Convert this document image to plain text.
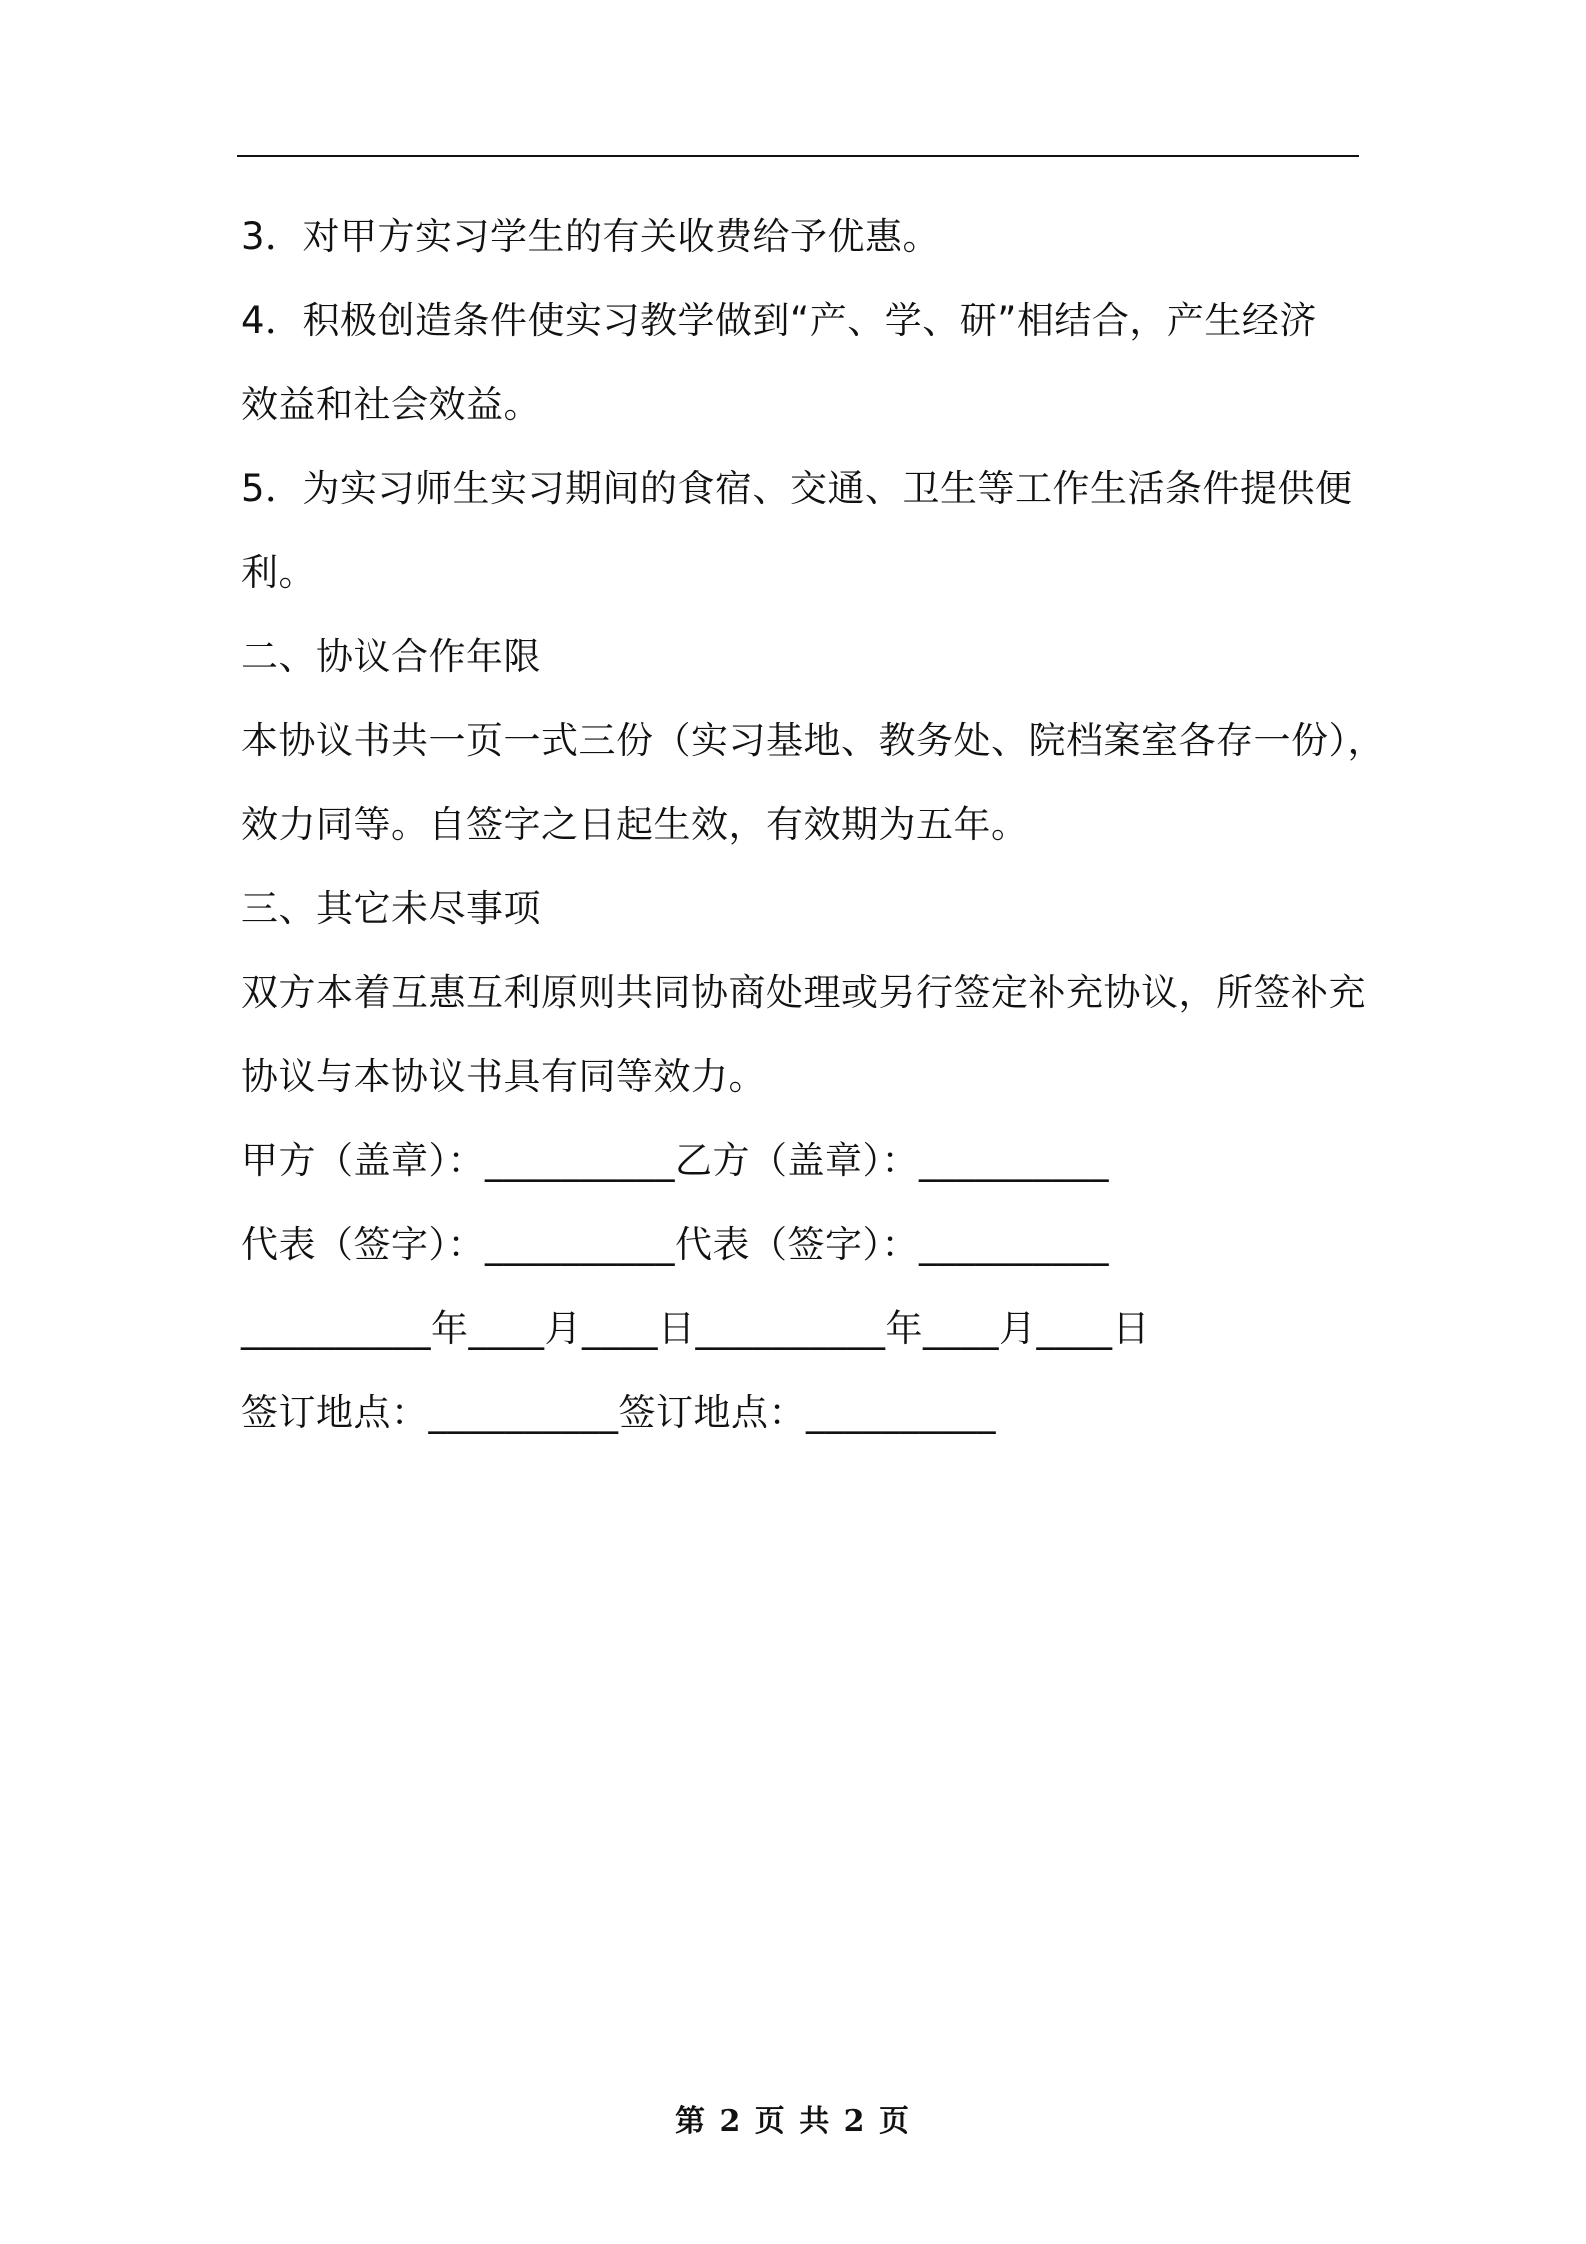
3．对甲方实习学生的有关收费给予优惠。
4．积极创造条件使实习教学做到“产、学、研”相结合，产生经济
效益和社会效益。
5．为实习师生实习期间的食宿、交通、卫生等工作生活条件提供便
利。
二、协议合作年限
本协议书共一页一式三份（实习基地、教务处、院档案室各存一份），
效力同等。自签字之日起生效，有效期为五年。
三、其它未尽事项
双方本着互惠互利原则共同协商处理或另行签定补充协议，所签补充
协议与本协议书具有同等效力。
甲方（盖章）：__________乙方（盖章）：__________
代表（签字）：__________代表（签字）：__________
__________年____月____日__________年____月____日
签订地点：__________签订地点：__________
第 2 页 共 2 页
